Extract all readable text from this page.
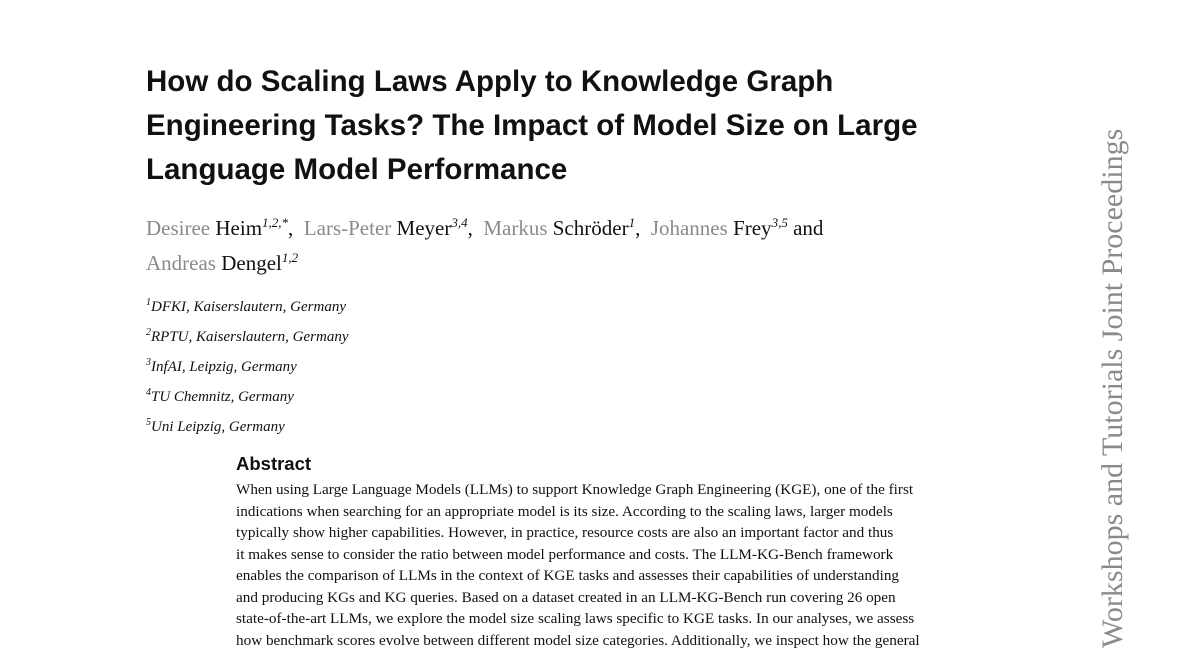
How do Scaling Laws Apply to Knowledge Graph
Engineering Tasks? The Impact of Model Size on Large
Language Model Performance
Desiree Heim$^{1,2,*}$, Lars-Peter Meyer$^{3,4}$, Markus Schröder$^1$, Johannes Frey$^{3,5}$ and
Andreas Dengel$^{1,2}$
$^1$DFKI, Kaiserslautern, Germany
$^2$RPTU, Kaiserslautern, Germany
$^3$InfAI, Leipzig, Germany
$^4$TU Chemnitz, Germany
$^5$Uni Leipzig, Germany
Abstract
When using Large Language Models (LLMs) to support Knowledge Graph Engineering (KGE), one of the first
indications when searching for an appropriate model is its size. According to the scaling laws, larger models
typically show higher capabilities. However, in practice, resource costs are also an important factor and thus
it makes sense to consider the ratio between model performance and costs. The LLM-KG-Bench framework
enables the comparison of LLMs in the context of KGE tasks and assesses their capabilities of understanding
and producing KGs and KG queries. Based on a dataset created in an LLM-KG-Bench run covering 26 open
state-of-the-art LLMs, we explore the model size scaling laws specific to KGE tasks. In our analyses, we assess
how benchmark scores evolve between different model size categories. Additionally, we inspect how the general	Workshops and Tutorials Joint Proceedings
